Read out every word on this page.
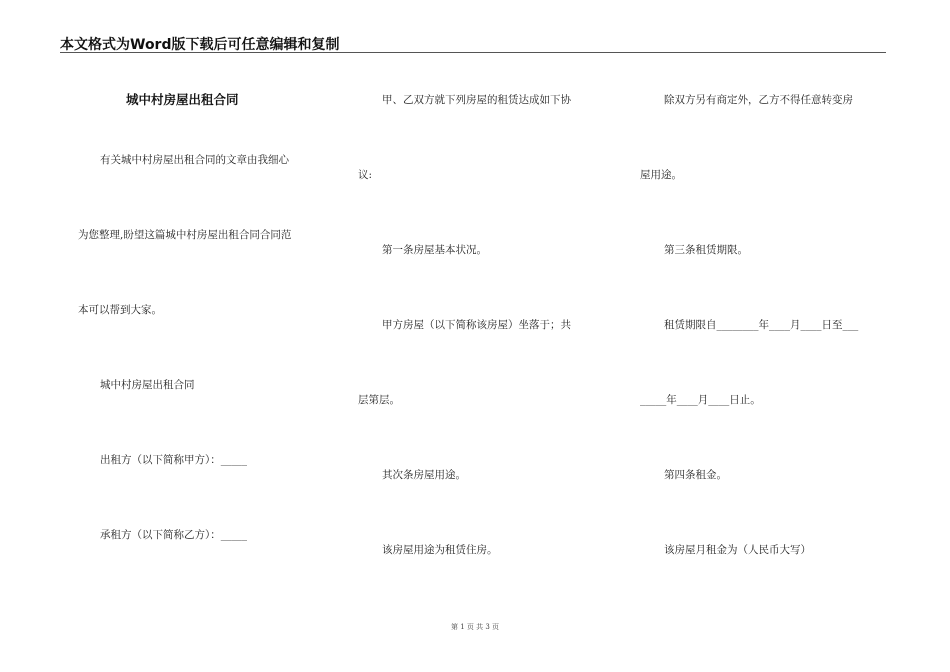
本文格式为Word版下载后可任意编辑和复制
城中村房屋出租合同
有关城中村房屋出租合同的文章由我细心
为您整理,盼望这篇城中村房屋出租合同合同范
本可以帮到大家。
城中村房屋出租合同
出租方（以下简称甲方）：_____
承租方（以下简称乙方）：_____
甲、乙双方就下列房屋的租赁达成如下协
议:
第一条房屋基本状况。
甲方房屋（以下简称该房屋）坐落于；共
层第层。
其次条房屋用途。
该房屋用途为租赁住房。
除双方另有商定外，乙方不得任意转变房
屋用途。
第三条租赁期限。
租赁期限自________年____月____日至___
_____年____月____日止。
第四条租金。
该房屋月租金为（人民币大写）
第 1 页 共 3 页
